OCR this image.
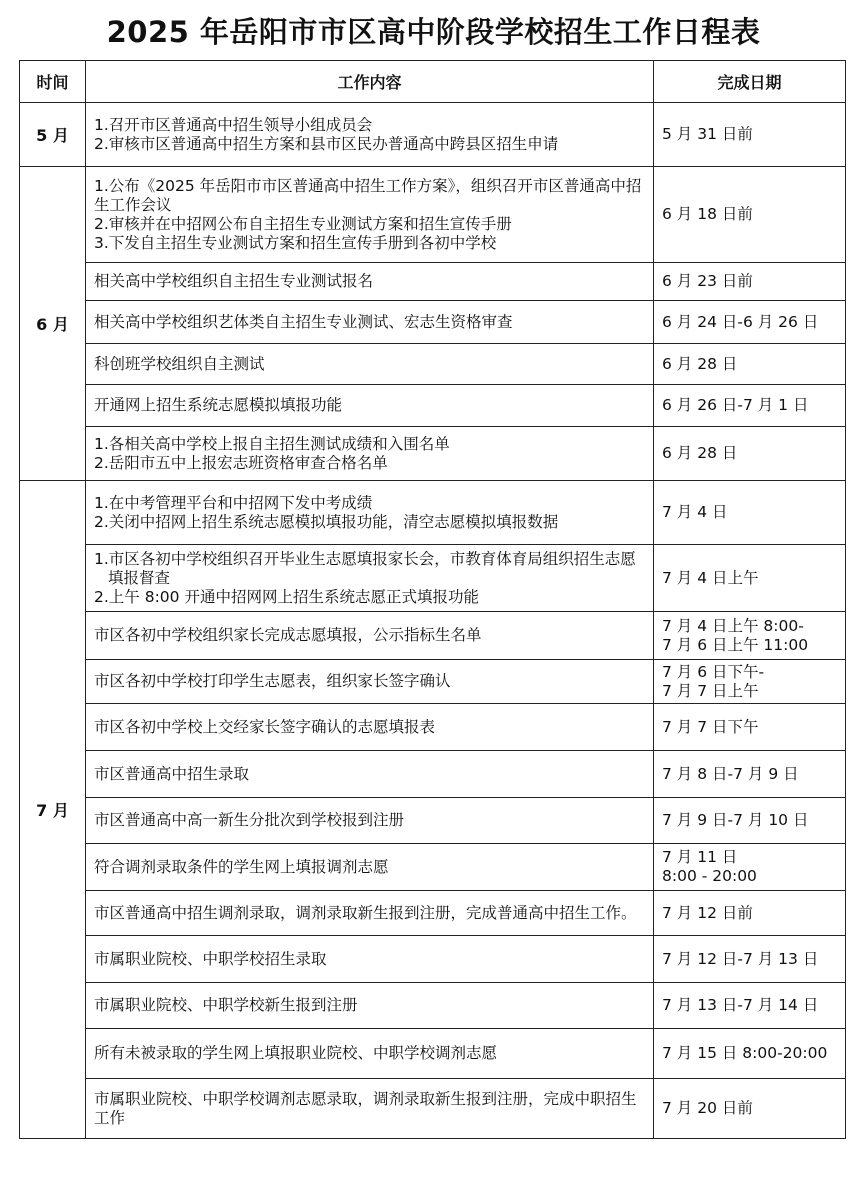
2025 年岳阳市市区高中阶段学校招生工作日程表
时间	工作内容	完成日期
5 月	1.召开市区普通高中招生领导小组成员会
2.审核市区普通高中招生方案和县市区民办普通高中跨县区招生申请	5 月 31 日前

6 月	1.公布《2025 年岳阳市市区普通高中招生工作方案》，组织召开市区普通高中招生工作会议
2.审核并在中招网公布自主招生专业测试方案和招生宣传手册
3.下发自主招生专业测试方案和招生宣传手册到各初中学校	6 月 18 日前

	相关高中学校组织自主招生专业测试报名	6 月 23 日前

	相关高中学校组织艺体类自主招生专业测试、宏志生资格审查	6 月 24 日-6 月 26 日

	科创班学校组织自主测试	6 月 28 日

	开通网上招生系统志愿模拟填报功能	6 月 26 日-7 月 1 日

	1.各相关高中学校上报自主招生测试成绩和入围名单
2.岳阳市五中上报宏志班资格审查合格名单	6 月 28 日

7 月	1.在中考管理平台和中招网下发中考成绩
2.关闭中招网上招生系统志愿模拟填报功能，清空志愿模拟填报数据	7 月 4 日

	1.市区各初中学校组织召开毕业生志愿填报家长会，市教育体育局组织招生志愿填报督查
2.上午 8:00 开通中招网网上招生系统志愿正式填报功能	7 月 4 日上午

	市区各初中学校组织家长完成志愿填报，公示指标生名单	7 月 4 日上午 8:00-
7 月 6 日上午 11:00

	市区各初中学校打印学生志愿表，组织家长签字确认	7 月 6 日下午-
7 月 7 日上午

	市区各初中学校上交经家长签字确认的志愿填报表	7 月 7 日下午

	市区普通高中招生录取	7 月 8 日-7 月 9 日

	市区普通高中高一新生分批次到学校报到注册	7 月 9 日-7 月 10 日

	符合调剂录取条件的学生网上填报调剂志愿	7 月 11 日
8:00 - 20:00

	市区普通高中招生调剂录取，调剂录取新生报到注册，完成普通高中招生工作。	7 月 12 日前

	市属职业院校、中职学校招生录取	7 月 12 日-7 月 13 日

	市属职业院校、中职学校新生报到注册	7 月 13 日-7 月 14 日

	所有未被录取的学生网上填报职业院校、中职学校调剂志愿	7 月 15 日 8:00-20:00

	市属职业院校、中职学校调剂志愿录取，调剂录取新生报到注册，完成中职招生工作	7 月 20 日前
